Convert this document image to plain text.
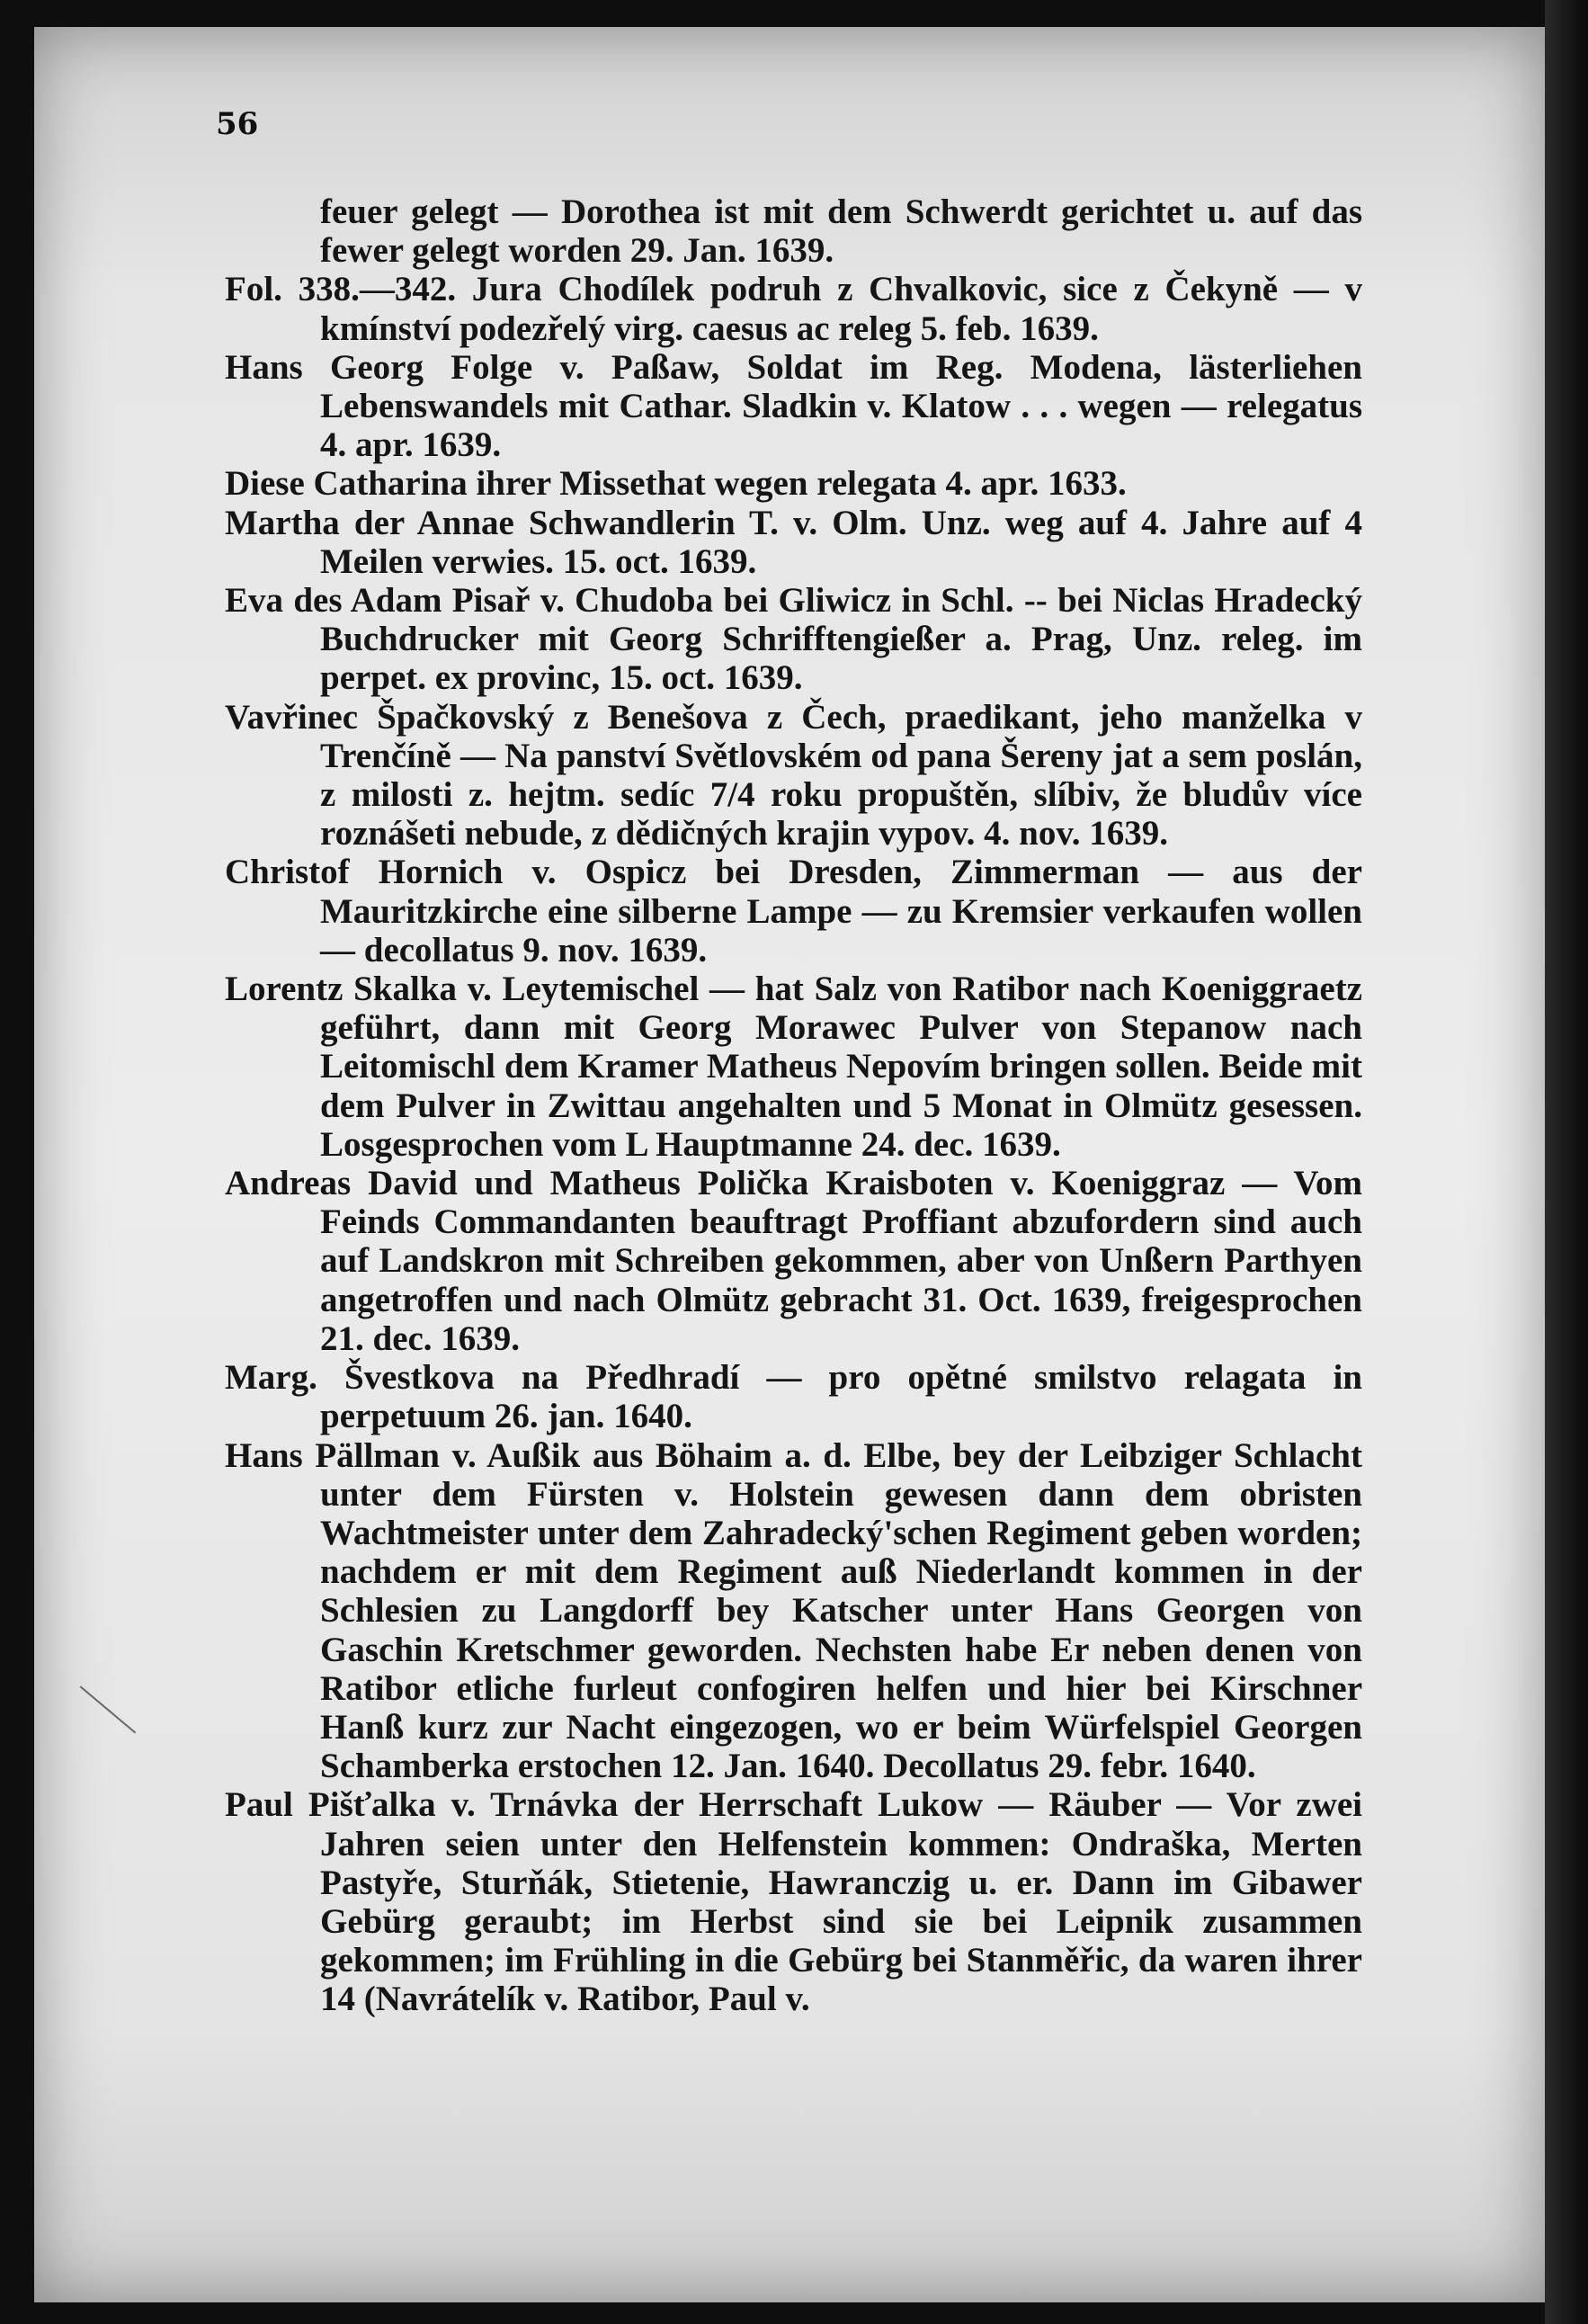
56

feuer gelegt — Dorothea ist mit dem Schwerdt gerichtet u. auf das fewer gelegt worden 29. Jan. 1639.

Fol. 338.—342. Jura Chodílek podruh z Chvalkovic, sice z Čekyně — v kmínství podezřelý virg. caesus ac releg 5. feb. 1639.

Hans Georg Folge v. Paßaw, Soldat im Reg. Modena, lästerliehen Lebenswandels mit Cathar. Sladkin v. Klatow . . . wegen — relegatus 4. apr. 1639.

Diese Catharina ihrer Missethat wegen relegata 4. apr. 1633.

Martha der Annae Schwandlerin T. v. Olm. Unz. weg auf 4. Jahre auf 4 Meilen verwies. 15. oct. 1639.

Eva des Adam Pisař v. Chudoba bei Gliwicz in Schl. -- bei Niclas Hradecký Buchdrucker mit Georg Schrifftengießer a. Prag, Unz. releg. im perpet. ex provinc, 15. oct. 1639.

Vavřinec Špačkovský z Benešova z Čech, praedikant, jeho manželka v Trenčíně — Na panství Světlovském od pana Šereny jat a sem poslán, z milosti z. hejtm. sedíc 7/4 roku propuštěn, slíbiv, že bludův více roznášeti nebude, z dědičných krajin vypov. 4. nov. 1639.

Christof Hornich v. Ospicz bei Dresden, Zimmerman — aus der Mauritzkirche eine silberne Lampe — zu Kremsier verkaufen wollen — decollatus 9. nov. 1639.

Lorentz Skalka v. Leytemischel — hat Salz von Ratibor nach Koeniggraetz geführt, dann mit Georg Morawec Pulver von Stepanow nach Leitomischl dem Kramer Matheus Nepovím bringen sollen. Beide mit dem Pulver in Zwittau angehalten und 5 Monat in Olmütz gesessen. Losgesprochen vom L Hauptmanne 24. dec. 1639.

Andreas David und Matheus Polička Kraisboten v. Koeniggraz — Vom Feinds Commandanten beauftragt Proffiant abzufordern sind auch auf Landskron mit Schreiben gekommen, aber von Unßern Parthyen angetroffen und nach Olmütz gebracht 31. Oct. 1639, freigesprochen 21. dec. 1639.

Marg. Švestkova na Předhradí — pro opětné smilstvo relagata in perpetuum 26. jan. 1640.

Hans Pällman v. Außik aus Böhaim a. d. Elbe, bey der Leibziger Schlacht unter dem Fürsten v. Holstein gewesen dann dem obristen Wachtmeister unter dem Zahradecký'schen Regiment geben worden; nachdem er mit dem Regiment auß Niederlandt kommen in der Schlesien zu Langdorff bey Katscher unter Hans Georgen von Gaschin Kretschmer geworden. Nechsten habe Er neben denen von Ratibor etliche furleut confogiren helfen und hier bei Kirschner Hanß kurz zur Nacht eingezogen, wo er beim Würfelspiel Georgen Schamberka erstochen 12. Jan. 1640. Decollatus 29. febr. 1640.

Paul Pišťalka v. Trnávka der Herrschaft Lukow — Räuber — Vor zwei Jahren seien unter den Helfenstein kommen: Ondraška, Merten Pastyře, Sturňák, Stietenie, Hawranczig u. er. Dann im Gibawer Gebürg geraubt; im Herbst sind sie bei Leipnik zusammen gekommen; im Frühling in die Gebürg bei Stanměřic, da waren ihrer 14 (Navrátelík v. Ratibor, Paul v.
